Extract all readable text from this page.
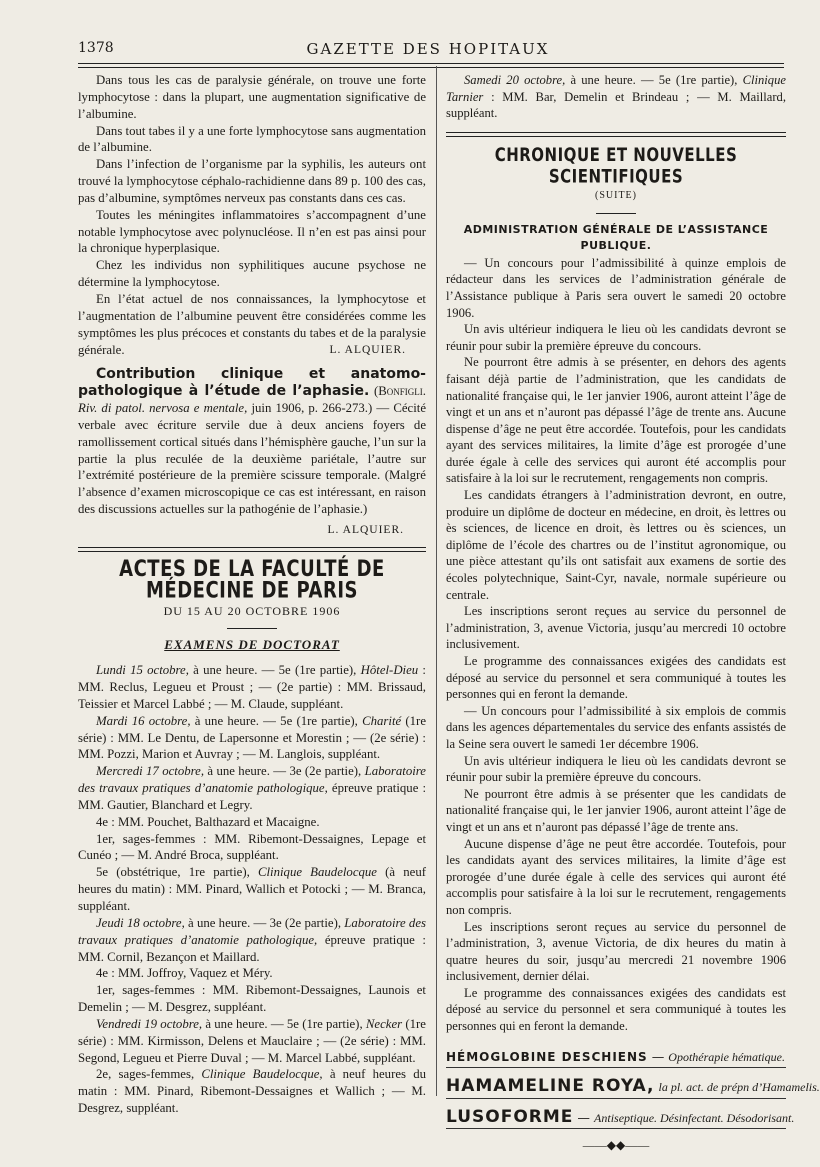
1378	GAZETTE DES HOPITAUX

Dans tous les cas de paralysie générale, on trouve une forte lymphocytose : dans la plupart, une augmentation significative de l’albumine.

Dans tout tabes il y a une forte lymphocytose sans augmentation de l’albumine.

Dans l’infection de l’organisme par la syphilis, les auteurs ont trouvé la lymphocytose céphalo-rachidienne dans 89 p. 100 des cas, pas d’albumine, symptômes nerveux pas constants dans ces cas.

Toutes les méningites inflammatoires s’accompagnent d’une notable lymphocytose avec polynucléose. Il n’en est pas ainsi pour la chronique hyperplasique.

Chez les individus non syphilitiques aucune psychose ne détermine la lymphocytose.

En l’état actuel de nos connaissances, la lymphocytose et l’augmentation de l’albumine peuvent être considérées comme les symptômes les plus précoces et constants du tabes et de la paralysie générale.	L. ALQUIER.

Contribution clinique et anatomo-pathologique à l’étude de l’aphasie. (Bonfigli. Riv. di patol. nervosa e mentale, juin 1906, p. 266-273.) — Cécité verbale avec écriture servile due à deux anciens foyers de ramollissement cortical situés dans l’hémisphère gauche, l’un sur la partie la plus reculée de la deuxième pariétale, l’autre sur l’extrémité postérieure de la première scissure temporale. (Malgré l’absence d’examen microscopique ce cas est intéressant, en raison des discussions actuelles sur la pathogénie de l’aphasie.)

L. ALQUIER.
ACTES DE LA FACULTÉ DE MÉDECINE DE PARIS
DU 15 AU 20 OCTOBRE 1906
EXAMENS DE DOCTORAT

Lundi 15 octobre, à une heure. — 5e (1re partie), Hôtel-Dieu : MM. Reclus, Legueu et Proust ; — (2e partie) : MM. Brissaud, Teissier et Marcel Labbé ; — M. Claude, suppléant.

Mardi 16 octobre, à une heure. — 5e (1re partie), Charité (1re série) : MM. Le Dentu, de Lapersonne et Morestin ; — (2e série) : MM. Pozzi, Marion et Auvray ; — M. Langlois, suppléant.

Mercredi 17 octobre, à une heure. — 3e (2e partie), Laboratoire des travaux pratiques d’anatomie pathologique, épreuve pratique : MM. Gautier, Blanchard et Legry.

4e : MM. Pouchet, Balthazard et Macaigne.

1er, sages-femmes : MM. Ribemont-Dessaignes, Lepage et Cunéo ; — M. André Broca, suppléant.

5e (obstétrique, 1re partie), Clinique Baudelocque (à neuf heures du matin) : MM. Pinard, Wallich et Potocki ; — M. Branca, suppléant.

Jeudi 18 octobre, à une heure. — 3e (2e partie), Laboratoire des travaux pratiques d’anatomie pathologique, épreuve pratique : MM. Cornil, Bezançon et Maillard.

4e : MM. Joffroy, Vaquez et Méry.

1er, sages-femmes : MM. Ribemont-Dessaignes, Launois et Demelin ; — M. Desgrez, suppléant.

Vendredi 19 octobre, à une heure. — 5e (1re partie), Necker (1re série) : MM. Kirmisson, Delens et Mauclaire ; — (2e série) : MM. Segond, Legueu et Pierre Duval ; — M. Marcel Labbé, suppléant.

2e, sages-femmes, Clinique Baudelocque, à neuf heures du matin : MM. Pinard, Ribemont-Dessaignes et Wallich ; — M. Desgrez, suppléant.

Samedi 20 octobre, à une heure. — 5e (1re partie), Clinique Tarnier : MM. Bar, Demelin et Brindeau ; — M. Maillard, suppléant.

CHRONIQUE ET NOUVELLES SCIENTIFIQUES
(SUITE)
ADMINISTRATION GÉNÉRALE DE L’ASSISTANCE PUBLIQUE.

— Un concours pour l’admissibilité à quinze emplois de rédacteur dans les services de l’administration générale de l’Assistance publique à Paris sera ouvert le samedi 20 octobre 1906.

Un avis ultérieur indiquera le lieu où les candidats devront se réunir pour subir la première épreuve du concours.

Ne pourront être admis à se présenter, en dehors des agents faisant déjà partie de l’administration, que les candidats de nationalité française qui, le 1er janvier 1906, auront atteint l’âge de vingt et un ans et n’auront pas dépassé l’âge de trente ans. Aucune dispense d’âge ne peut être accordée. Toutefois, pour les candidats ayant des services militaires, la limite d’âge est prorogée d’une durée égale à celle des services qui auront été accomplis pour satisfaire à la loi sur le recrutement, rengagements non compris.

Les candidats étrangers à l’administration devront, en outre, produire un diplôme de docteur en médecine, en droit, ès lettres ou ès sciences, de licence en droit, ès lettres ou ès sciences, un diplôme de l’école des chartres ou de l’institut agronomique, ou une pièce attestant qu’ils ont satisfait aux examens de sortie des écoles polytechnique, Saint-Cyr, navale, normale supérieure ou centrale.

Les inscriptions seront reçues au service du personnel de l’administration, 3, avenue Victoria, jusqu’au mercredi 10 octobre inclusivement.

Le programme des connaissances exigées des candidats est déposé au service du personnel et sera communiqué à toutes les personnes qui en feront la demande.

— Un concours pour l’admissibilité à six emplois de commis dans les agences départementales du service des enfants assistés de la Seine sera ouvert le samedi 1er décembre 1906.

Un avis ultérieur indiquera le lieu où les candidats devront se réunir pour subir la première épreuve du concours.

Ne pourront être admis à se présenter que les candidats de nationalité française qui, le 1er janvier 1906, auront atteint l’âge de vingt et un ans et n’auront pas dépassé l’âge de trente ans.

Aucune dispense d’âge ne peut être accordée. Toutefois, pour les candidats ayant des services militaires, la limite d’âge est prorogée d’une durée égale à celle des services qui auront été accomplis pour satisfaire à la loi sur le recrutement, rengagements non compris.

Les inscriptions seront reçues au service du personnel de l’administration, 3, avenue Victoria, de dix heures du matin à quatre heures du soir, jusqu’au mercredi 21 novembre 1906 inclusivement, dernier délai.

Le programme des connaissances exigées des candidats est déposé au service du personnel et sera communiqué à toutes les personnes qui en feront la demande.

HÉMOGLOBINE DESCHIENS — Opothérapie hématique.
HAMAMELINE ROYA, la pl. act. de prépn d’Hamamelis.
LUSOFORME — Antiseptique. Désinfectant. Désodorisant.
——◆◆——
